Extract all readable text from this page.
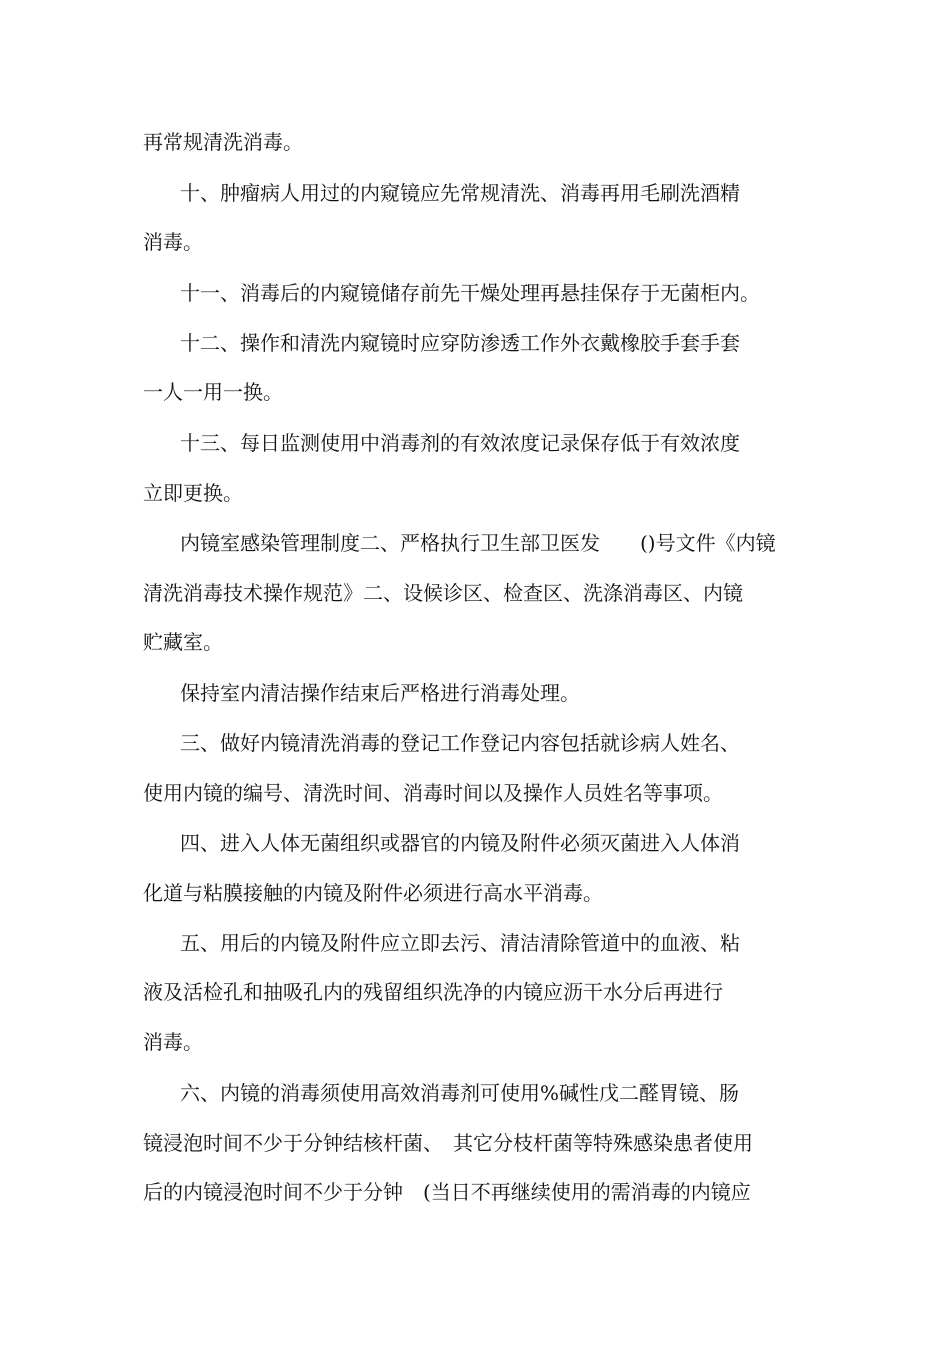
再常规清洗消毒。
十、肿瘤病人用过的内窥镜应先常规清洗、消毒再用毛刷洗酒精
消毒。
十一、消毒后的内窥镜储存前先干燥处理再悬挂保存于无菌柜内。
十二、操作和清洗内窥镜时应穿防渗透工作外衣戴橡胶手套手套
一人一用一换。
十三、每日监测使用中消毒剂的有效浓度记录保存低于有效浓度
立即更换。
内镜室感染管理制度二、严格执行卫生部卫医发　　()号文件《内镜
清洗消毒技术操作规范》二、设候诊区、检查区、洗涤消毒区、内镜
贮藏室。
保持室内清洁操作结束后严格进行消毒处理。
三、做好内镜清洗消毒的登记工作登记内容包括就诊病人姓名、
使用内镜的编号、清洗时间、消毒时间以及操作人员姓名等事项。
四、进入人体无菌组织或器官的内镜及附件必须灭菌进入人体消
化道与粘膜接触的内镜及附件必须进行高水平消毒。
五、用后的内镜及附件应立即去污、清洁清除管道中的血液、粘
液及活检孔和抽吸孔内的残留组织洗净的内镜应沥干水分后再进行
消毒。
六、内镜的消毒须使用高效消毒剂可使用%碱性戊二醛胃镜、肠
镜浸泡时间不少于分钟结核杆菌、　其它分枝杆菌等特殊感染患者使用
后的内镜浸泡时间不少于分钟　(当日不再继续使用的需消毒的内镜应
